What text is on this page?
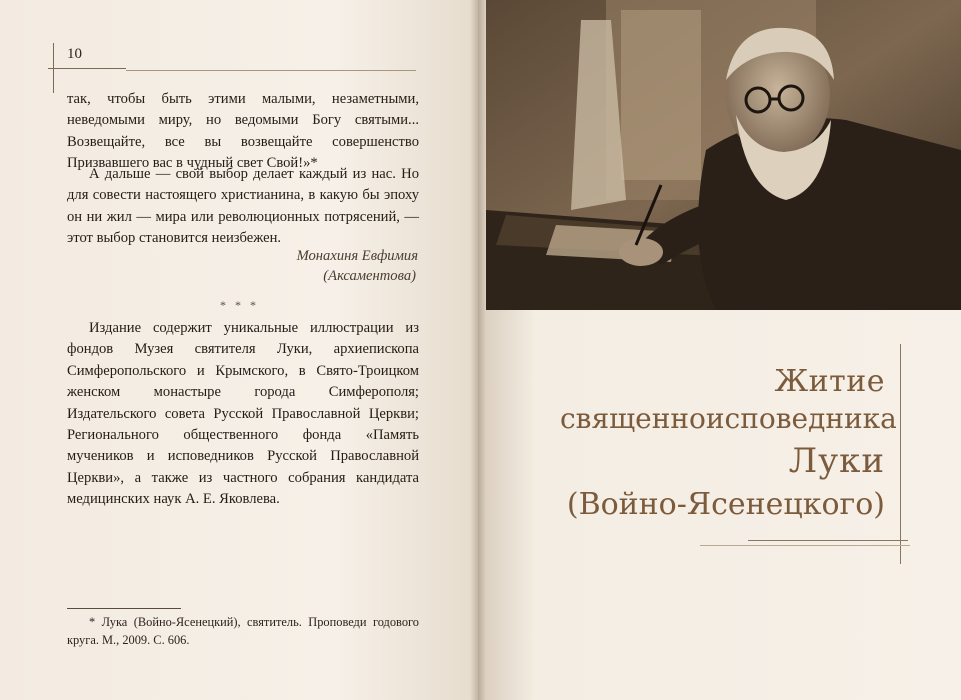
10

так, чтобы быть этими малыми, незаметными, неведомыми миру, но ведомыми Богу святыми... Возвещайте, все вы возвещайте совершенство Призвавшего вас в чудный свет Свой!»*

А дальше — свой выбор делает каждый из нас. Но для совести настоящего христианина, в какую бы эпоху он ни жил — мира или революционных потрясений, — этот выбор становится неизбежен.

Монахиня Евфимия
(Аксаментова)
* * *

Издание содержит уникальные иллюстрации из фондов Музея святителя Луки, архиепископа Симферопольского и Крымского, в Свято-Троицком женском монастыре города Симферополя; Издательского совета Русской Православной Церкви; Регионального общественного фонда «Память мучеников и исповедников Русской Православной Церкви», а также из частного собрания кандидата медицинских наук А. Е. Яковлева.

* Лука (Войно-Ясенецкий), святитель. Проповеди годового круга. М., 2009. С. 606.
Житие
священноисповедника
Луки
(Войно-Ясенецкого)
